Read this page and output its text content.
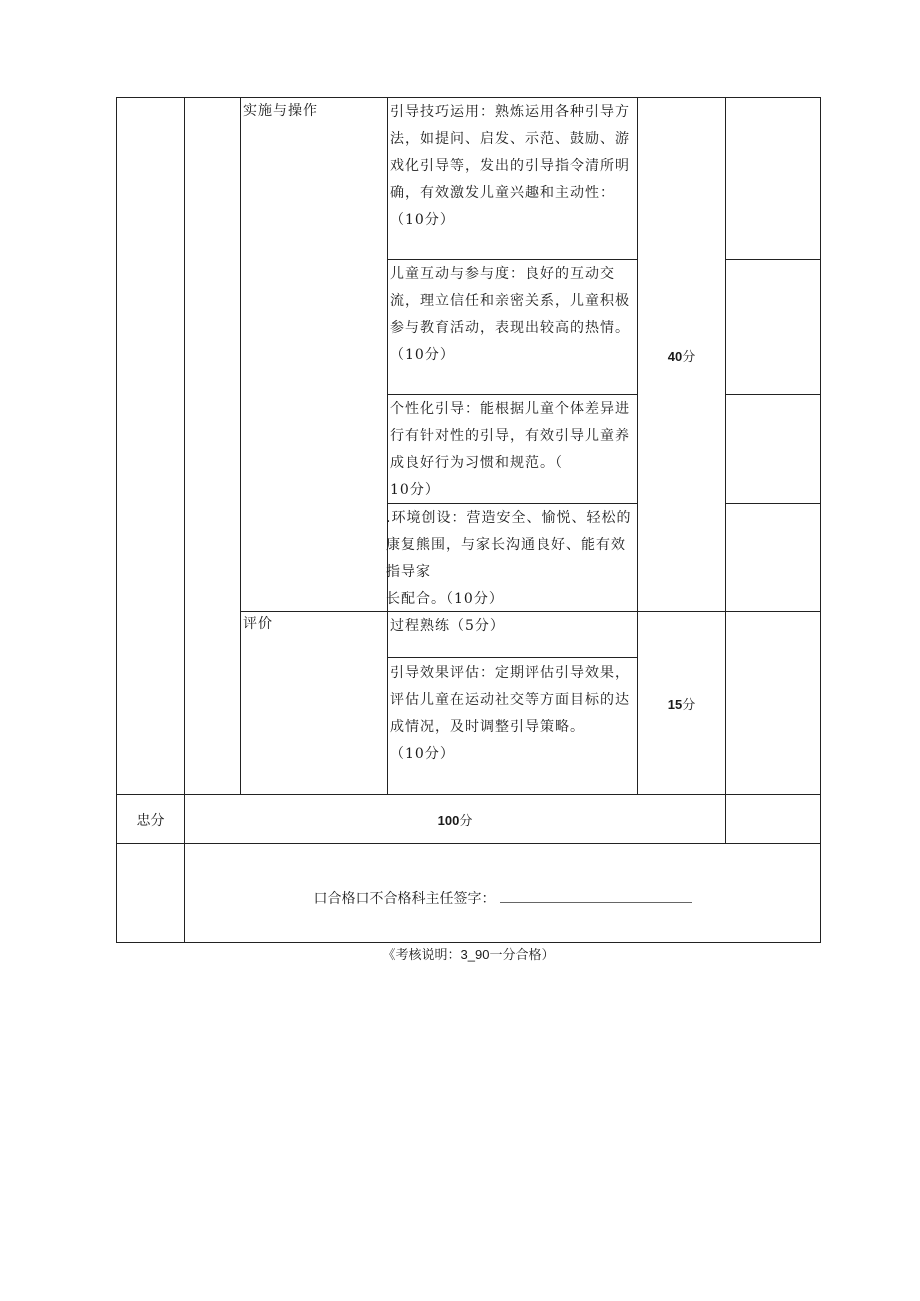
实施与操作
评价
引导技巧运用：熟炼运用各种引导方法，如提问、启发、示范、鼓励、游戏化引导等，发出的引导指令清所明确，有效激发儿童兴趣和主动性：（10分）
儿童互动与参与度：良好的互动交流，理立信任和亲密关系，儿童积极参与教育活动，表现出较高的热情。
（10分）
个性化引导：能根据儿童个体差异进行有针对性的引导，有效引导儿童养成良好行为习惯和规范。（
10分）
.环境创设：营造安全、愉悦、轻松的康复熊围，与家长沟通良好、能有效指导家
长配合。（10分）
过程熟练（5分）
引导效果评估：定期评估引导效果，评估儿童在运动社交等方面目标的达成情况，及时调整引导策略。
（10分）
40分
15分
忠分	100分
口合格口不合格科主任签字：
《考核说明：3_90一分合格）
